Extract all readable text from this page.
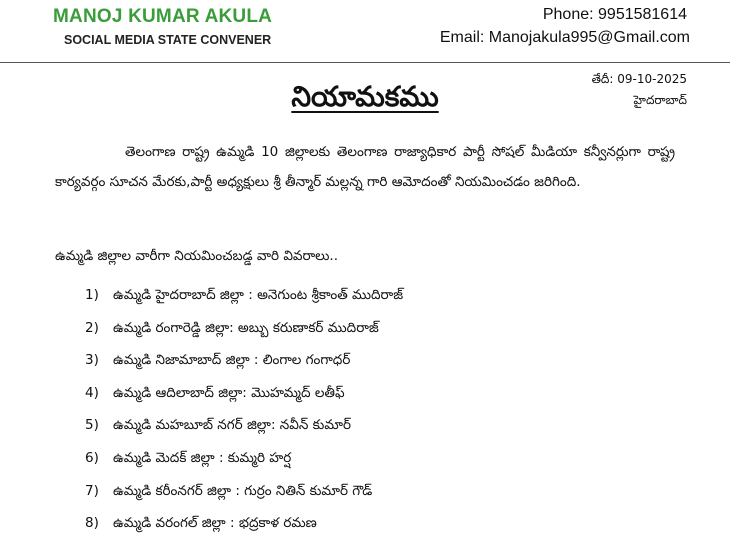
MANOJ KUMAR AKULA
SOCIAL MEDIA STATE CONVENER
Phone: 9951581614
Email: Manojakula995@Gmail.com
తేదీ: 09-10-2025
హైదరాబాద్
నియామకము

తెలంగాణ రాష్ట్ర ఉమ్మడి 10 జిల్లాలకు తెలంగాణ రాజ్యాధికార పార్టీ సోషల్ మీడియా కన్వీనర్లుగా రాష్ట్ర కార్యవర్గం సూచన మేరకు,పార్టీ అధ్యక్షులు శ్రీ తీన్మార్ మల్లన్న గారి ఆమోదంతో నియమించడం జరిగింది.

ఉమ్మడి జిల్లాల వారీగా నియమించబడ్డ వారి వివరాలు..
1)	ఉమ్మడి హైదరాబాద్ జిల్లా : అనెగుంట శ్రీకాంత్ ముదిరాజ్
2)	ఉమ్మడి రంగారెడ్డి జిల్లా: అబ్బు కరుణాకర్ ముదిరాజ్
3)	ఉమ్మడి నిజామాబాద్ జిల్లా : లింగాల గంగాధర్
4)	ఉమ్మడి ఆదిలాబాద్ జిల్లా: మొహమ్మద్ లతీఫ్
5)	ఉమ్మడి మహబూబ్ నగర్ జిల్లా: నవీన్ కుమార్
6)	ఉమ్మడి మెదక్ జిల్లా : కుమ్మరి హర్ష
7)	ఉమ్మడి కరీంనగర్ జిల్లా : గుర్రం నితిన్ కుమార్ గౌడ్
8)	ఉమ్మడి వరంగల్ జిల్లా : భద్రకాళ రమణ
